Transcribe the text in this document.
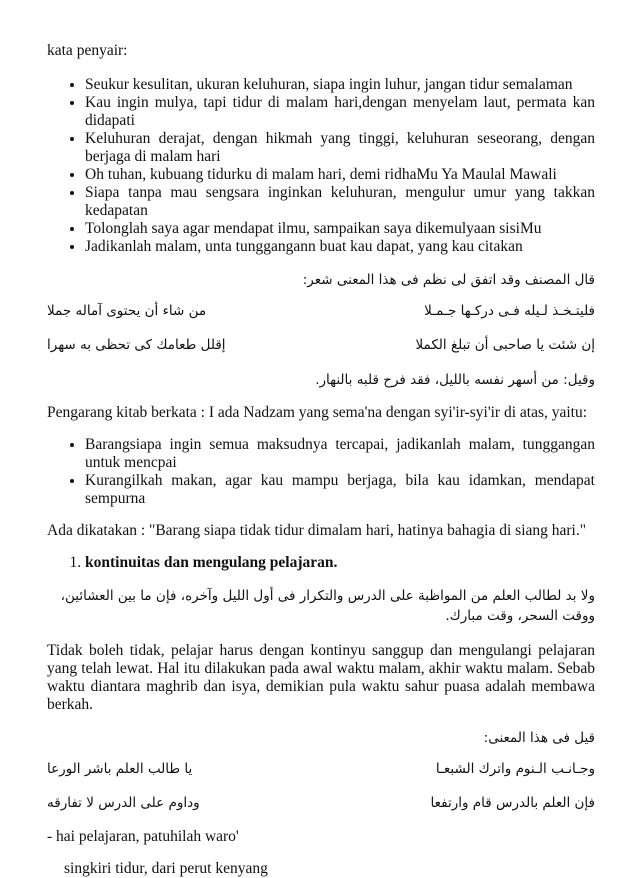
kata penyair:

• Seukur kesulitan, ukuran keluhuran, siapa ingin luhur, jangan tidur semalaman
• Kau ingin mulya, tapi tidur di malam hari,dengan menyelam laut, permata kan didapati
• Keluhuran derajat, dengan hikmah yang tinggi, keluhuran seseorang, dengan berjaga di malam hari
• Oh tuhan, kubuang tidurku di malam hari, demi ridhaMu Ya Maulal Mawali
• Siapa tanpa mau sengsara inginkan keluhuran, mengulur umur yang takkan kedapatan
• Tolonglah saya agar mendapat ilmu, sampaikan saya dikemulyaan sisiMu
• Jadikanlah malam, unta tunggangann buat kau dapat, yang kau citakan

قال المصنف وقد اتفق لى نظم فى هذا المعنى شعر:

فليتـخـذ لـيله فـى دركـها جـمـلا
من شاء أن يحتوى آماله جملا
إن شئت يا صاحبى أن تبلغ الكملا
إقلل طعامك كى تحظى به سهرا

وقيل: من أسهر نفسه بالليل، فقد فرح قلبه بالنهار.

Pengarang kitab berkata : I ada Nadzam yang sema'na dengan syi'ir-syi'ir di atas, yaitu:

• Barangsiapa ingin semua maksudnya tercapai, jadikanlah malam, tunggangan untuk mencpai
• Kurangilkah makan, agar kau mampu berjaga, bila kau idamkan, mendapat sempurna

Ada dikatakan : "Barang siapa tidak tidur dimalam hari, hatinya bahagia di siang hari."

1. kontinuitas dan mengulang pelajaran.

ولا بد لطالب العلم من المواظبة على الدرس والتكرار فى أول الليل وآخره، فإن ما بين العشائين، ووقت السحر، وقت مبارك.

Tidak boleh tidak, pelajar harus dengan kontinyu sanggup dan mengulangi pelajaran yang telah lewat. Hal itu dilakukan pada awal waktu malam, akhir waktu malam. Sebab waktu diantara maghrib dan isya, demikian pula waktu sahur puasa adalah membawa berkah.

قيل فى هذا المعنى:

وجـانـب الـنوم واترك الشبعـا
يا طالب العلم باشر الورعا
فإن العلم بالدرس قام وارتفعا
وداوم على الدرس لا تفارقه

- hai pelajaran, patuhilah waro'

singkiri tidur, dari perut kenyang
